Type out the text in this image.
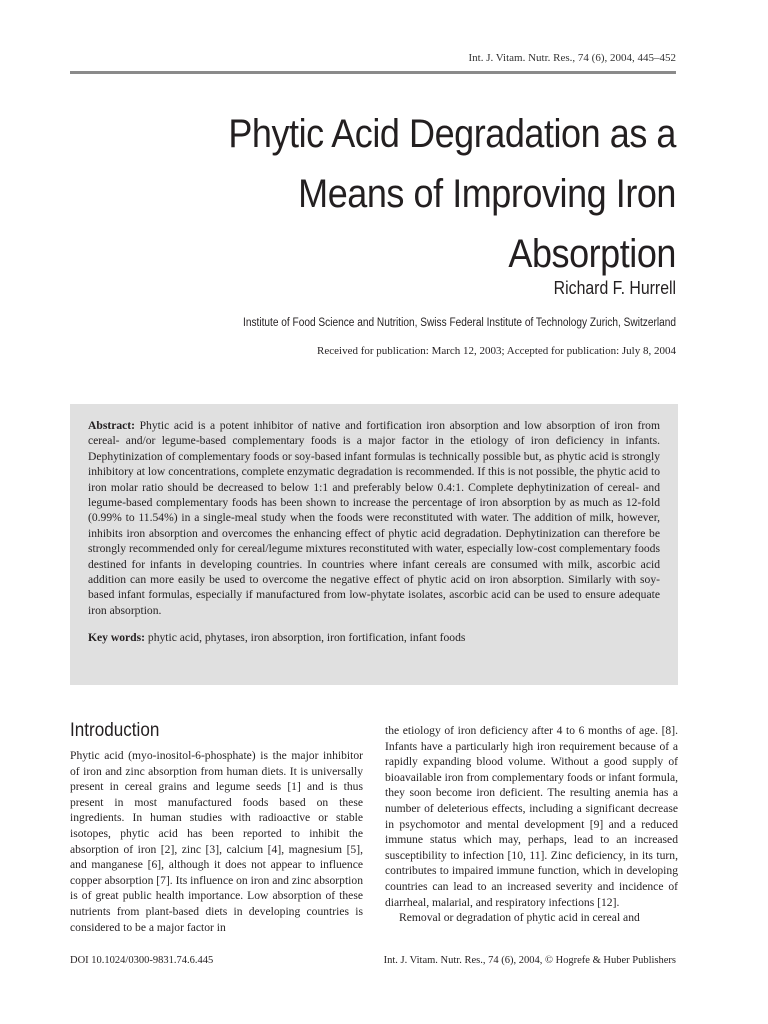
Int. J. Vitam. Nutr. Res., 74 (6), 2004, 445–452
Phytic Acid Degradation as a
Means of Improving Iron
Absorption
Richard F. Hurrell
Institute of Food Science and Nutrition, Swiss Federal Institute of Technology Zurich, Switzerland
Received for publication: March 12, 2003; Accepted for publication: July 8, 2004

Abstract: Phytic acid is a potent inhibitor of native and fortification iron absorption and low absorption of iron from cereal- and/or legume-based complementary foods is a major factor in the etiology of iron deficiency in infants. Dephytinization of complementary foods or soy-based infant formulas is technically possible but, as phytic acid is strongly inhibitory at low concentrations, complete enzymatic degradation is recommended. If this is not possible, the phytic acid to iron molar ratio should be decreased to below 1:1 and preferably below 0.4:1. Complete dephytinization of cereal- and legume-based complementary foods has been shown to increase the percentage of iron absorption by as much as 12-fold (0.99% to 11.54%) in a single-meal study when the foods were reconstituted with water. The addition of milk, however, inhibits iron absorption and overcomes the enhancing effect of phytic acid degradation. Dephytinization can therefore be strongly recommended only for cereal/legume mixtures reconstituted with water, especially low-cost complementary foods destined for infants in developing countries. In countries where infant cereals are consumed with milk, ascorbic acid addition can more easily be used to overcome the negative effect of phytic acid on iron absorption. Similarly with soy-based infant formulas, especially if manufactured from low-phytate isolates, ascorbic acid can be used to ensure adequate iron absorption.

Key words: phytic acid, phytases, iron absorption, iron fortification, infant foods

Introduction

Phytic acid (myo-inositol-6-phosphate) is the major inhibitor of iron and zinc absorption from human diets. It is universally present in cereal grains and legume seeds [1] and is thus present in most manufactured foods based on these ingredients. In human studies with radioactive or stable isotopes, phytic acid has been reported to inhibit the absorption of iron [2], zinc [3], calcium [4], magnesium [5], and manganese [6], although it does not appear to influence copper absorption [7]. Its influence on iron and zinc absorption is of great public health importance. Low absorption of these nutrients from plant-based diets in developing countries is considered to be a major factor in

the etiology of iron deficiency after 4 to 6 months of age. [8]. Infants have a particularly high iron requirement because of a rapidly expanding blood volume. Without a good supply of bioavailable iron from complementary foods or infant formula, they soon become iron deficient. The resulting anemia has a number of deleterious effects, including a significant decrease in psychomotor and mental development [9] and a reduced immune status which may, perhaps, lead to an increased susceptibility to infection [10, 11]. Zinc deficiency, in its turn, contributes to impaired immune function, which in developing countries can lead to an increased severity and incidence of diarrheal, malarial, and respiratory infections [12].

Removal or degradation of phytic acid in cereal and

DOI 10.1024/0300-9831.74.6.445	Int. J. Vitam. Nutr. Res., 74 (6), 2004, © Hogrefe & Huber Publishers
